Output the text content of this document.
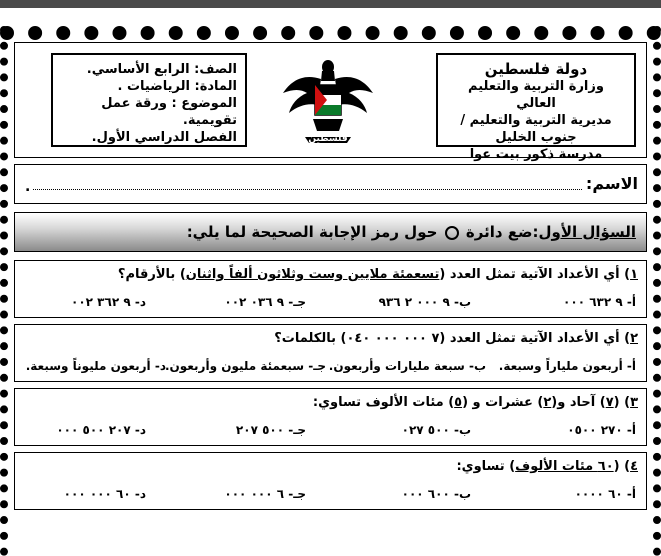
دولة فلسطين
وزارة التربية والتعليم العالي
مديرية التربية والتعليم / جنوب الخليل
مدرسة ذكور بيت عوا
فلسطين
الصف: الرابع الأساسي.
المادة: الرياضيات .
الموضوع : ورقة عمل تقويمية.
الفصل الدراسي الأول.
الاسم:
.
السؤال الأول:ضع دائرة  حول رمز الإجابة الصحيحة لما يلي:
١) أي الأعداد الآتية تمثل العدد (تسعمئة ملايين وست وثلاثون ألفاً واثنان) بالأرقام؟
أ- ٩ ٦٣٢ ٠٠٠
ب- ٩ ٠٠٠ ٢ ٩٣٦
جـ- ٩ ٠٣٦ ٠٠٢
د- ٩ ٣٦٢ ٠٠٢
٢) أي الأعداد الآتية تمثل العدد (٧ ٠٠٠ ٠٠٠ ٠٤٠) بالكلمات؟
أ- أربعون ملياراً وسبعة.
ب- سبعة مليارات وأربعون.
جـ- سبعمئة مليون وأربعون.
د- أربعون مليوناً وسبعة.
٣) (٧) آحاد و(٢) عشرات و (٥) مئات الألوف تساوي:
أ- ٢٧٠ ٠٥٠٠
ب- ٥٠٠ ٠٢٧
جـ- ٥٠٠ ٢٠٧
د- ٢٠٧ ٥٠٠ ٠٠٠
٤) (٦٠ مئات الألوف) تساوي:
أ- ٦٠ ٠٠٠٠
ب- ٦٠٠ ٠٠٠
جـ- ٦ ٠٠٠ ٠٠٠
د- ٦٠ ٠٠٠ ٠٠٠
